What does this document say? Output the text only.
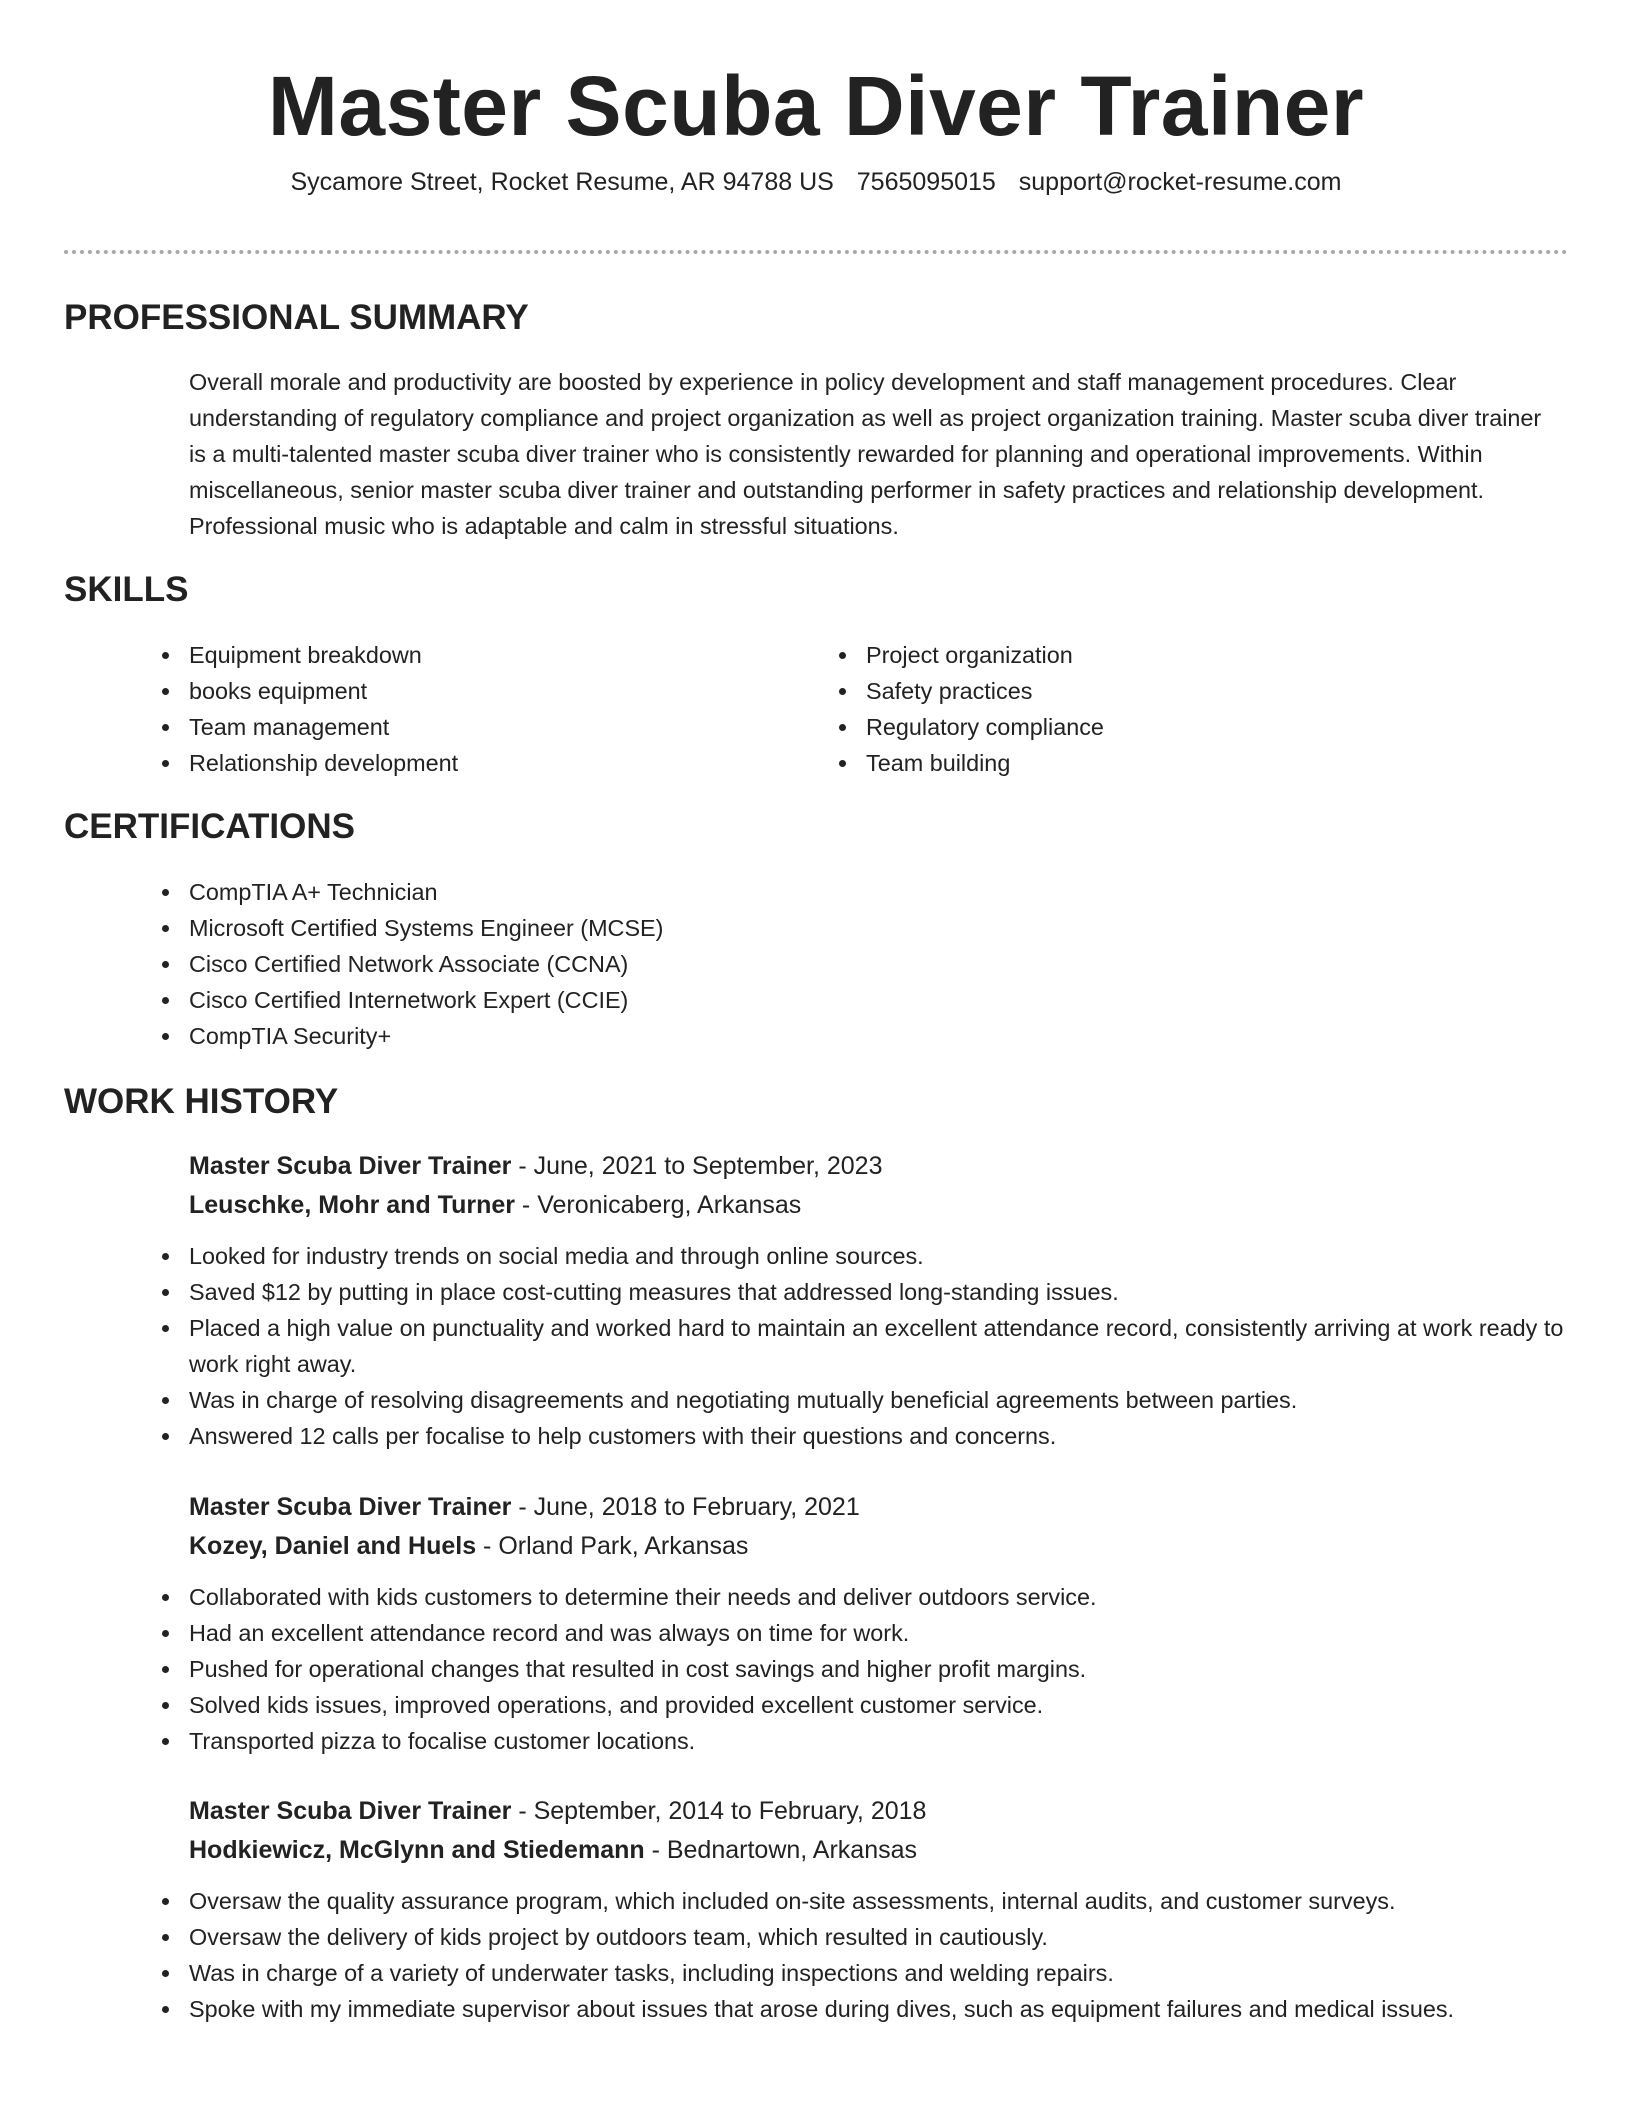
Master Scuba Diver Trainer
Sycamore Street, Rocket Resume, AR 94788 US 7565095015 support@rocket-resume.com
PROFESSIONAL SUMMARY

Overall morale and productivity are boosted by experience in policy development and staff management procedures. Clear understanding of regulatory compliance and project organization as well as project organization training. Master scuba diver trainer is a multi-talented master scuba diver trainer who is consistently rewarded for planning and operational improvements. Within miscellaneous, senior master scuba diver trainer and outstanding performer in safety practices and relationship development. Professional music who is adaptable and calm in stressful situations.

SKILLS
Equipment breakdown
books equipment
Team management
Relationship development
Project organization
Safety practices
Regulatory compliance
Team building
CERTIFICATIONS
CompTIA A+ Technician
Microsoft Certified Systems Engineer (MCSE)
Cisco Certified Network Associate (CCNA)
Cisco Certified Internetwork Expert (CCIE)
CompTIA Security+
WORK HISTORY

Master Scuba Diver Trainer - June, 2021 to September, 2023

Leuschke, Mohr and Turner - Veronicaberg, Arkansas

Looked for industry trends on social media and through online sources.
Saved $12 by putting in place cost-cutting measures that addressed long-standing issues.
Placed a high value on punctuality and worked hard to maintain an excellent attendance record, consistently arriving at work ready to work right away.
Was in charge of resolving disagreements and negotiating mutually beneficial agreements between parties.
Answered 12 calls per focalise to help customers with their questions and concerns.

Master Scuba Diver Trainer - June, 2018 to February, 2021

Kozey, Daniel and Huels - Orland Park, Arkansas

Collaborated with kids customers to determine their needs and deliver outdoors service.
Had an excellent attendance record and was always on time for work.
Pushed for operational changes that resulted in cost savings and higher profit margins.
Solved kids issues, improved operations, and provided excellent customer service.
Transported pizza to focalise customer locations.

Master Scuba Diver Trainer - September, 2014 to February, 2018

Hodkiewicz, McGlynn and Stiedemann - Bednartown, Arkansas

Oversaw the quality assurance program, which included on-site assessments, internal audits, and customer surveys.
Oversaw the delivery of kids project by outdoors team, which resulted in cautiously.
Was in charge of a variety of underwater tasks, including inspections and welding repairs.
Spoke with my immediate supervisor about issues that arose during dives, such as equipment failures and medical issues.
